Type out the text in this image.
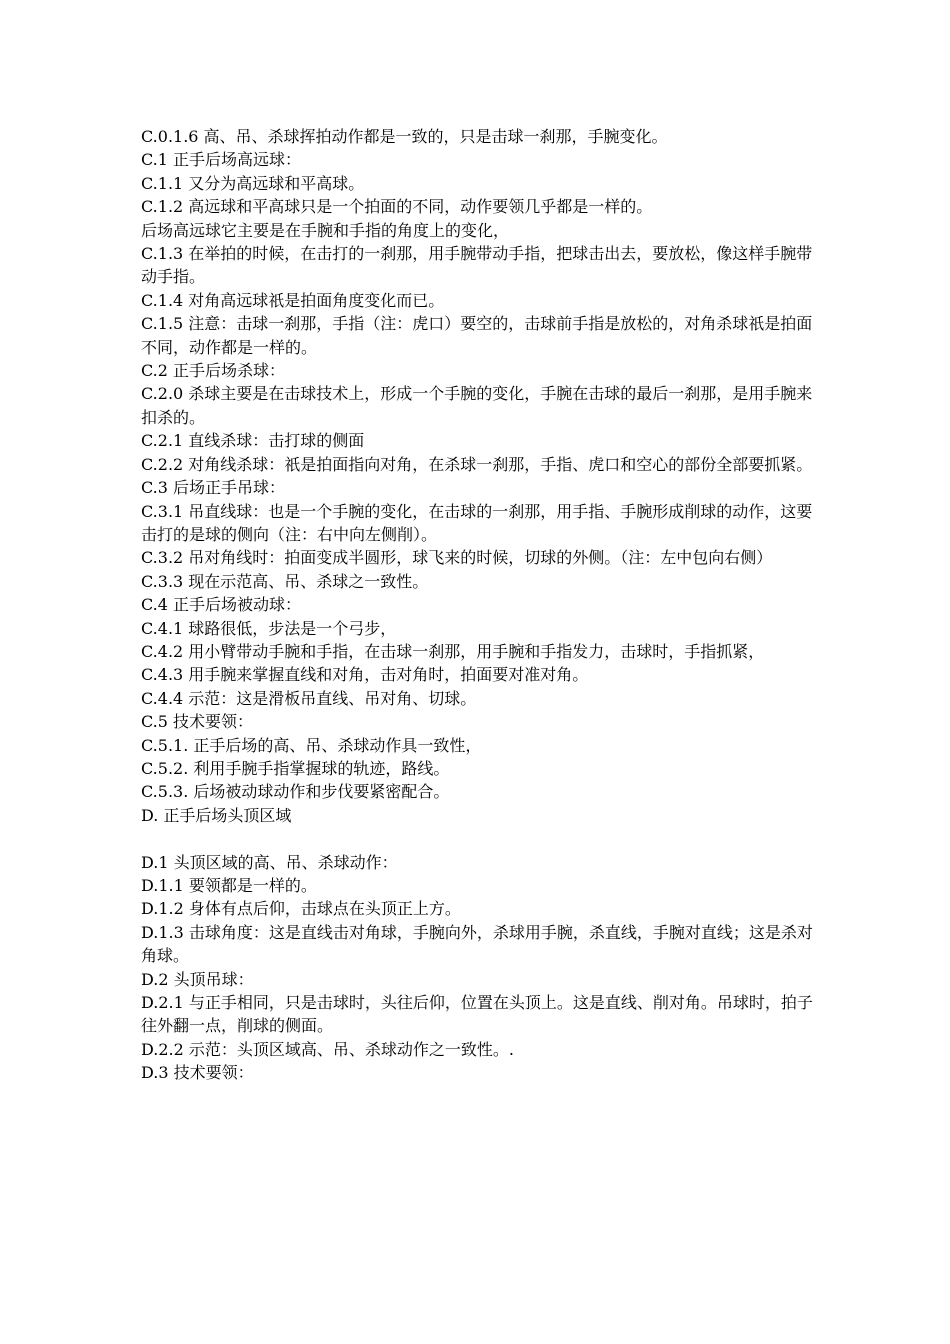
C.0.1.6 高、吊、杀球挥拍动作都是一致的，只是击球一刹那，手腕变化。

C.1 正手后场高远球：

C.1.1 又分为高远球和平高球。

C.1.2 高远球和平高球只是一个拍面的不同，动作要领几乎都是一样的。

后场高远球它主要是在手腕和手指的角度上的变化，

C.1.3 在举拍的时候，在击打的一刹那，用手腕带动手指，把球击出去，要放松，像这样手腕带动手指。

C.1.4 对角高远球祇是拍面角度变化而已。

C.1.5 注意：击球一刹那，手指（注：虎口）要空的，击球前手指是放松的，对角杀球祇是拍面不同，动作都是一样的。

C.2 正手后场杀球：

C.2.0 杀球主要是在击球技术上，形成一个手腕的变化，手腕在击球的最后一刹那，是用手腕来扣杀的。

C.2.1 直线杀球：击打球的侧面

C.2.2 对角线杀球：祇是拍面指向对角，在杀球一刹那，手指、虎口和空心的部份全部要抓紧。

C.3 后场正手吊球：

C.3.1 吊直线球：也是一个手腕的变化，在击球的一刹那，用手指、手腕形成削球的动作，这要击打的是球的侧向（注：右中向左侧削）。

C.3.2 吊对角线时：拍面变成半圆形，球飞来的时候，切球的外侧。（注：左中包向右侧）

C.3.3 现在示范高、吊、杀球之一致性。

C.4 正手后场被动球：

C.4.1 球路很低，步法是一个弓步，

C.4.2 用小臂带动手腕和手指，在击球一刹那，用手腕和手指发力，击球时，手指抓紧，

C.4.3 用手腕来掌握直线和对角，击对角时，拍面要对准对角。

C.4.4 示范：这是滑板吊直线、吊对角、切球。

C.5 技术要领：

C.5.1. 正手后场的高、吊、杀球动作具一致性，

C.5.2. 利用手腕手指掌握球的轨迹，路线。

C.5.3. 后场被动球动作和步伐要紧密配合。

D. 正手后场头顶区域

D.1 头顶区域的高、吊、杀球动作：

D.1.1 要领都是一样的。

D.1.2 身体有点后仰，击球点在头顶正上方。

D.1.3 击球角度：这是直线击对角球，手腕向外，杀球用手腕，杀直线，手腕对直线；这是杀对角球。

D.2 头顶吊球：

D.2.1 与正手相同，只是击球时，头往后仰，位置在头顶上。这是直线、削对角。吊球时，拍子往外翻一点，削球的侧面。

D.2.2 示范：头顶区域高、吊、杀球动作之一致性。.

D.3 技术要领：
